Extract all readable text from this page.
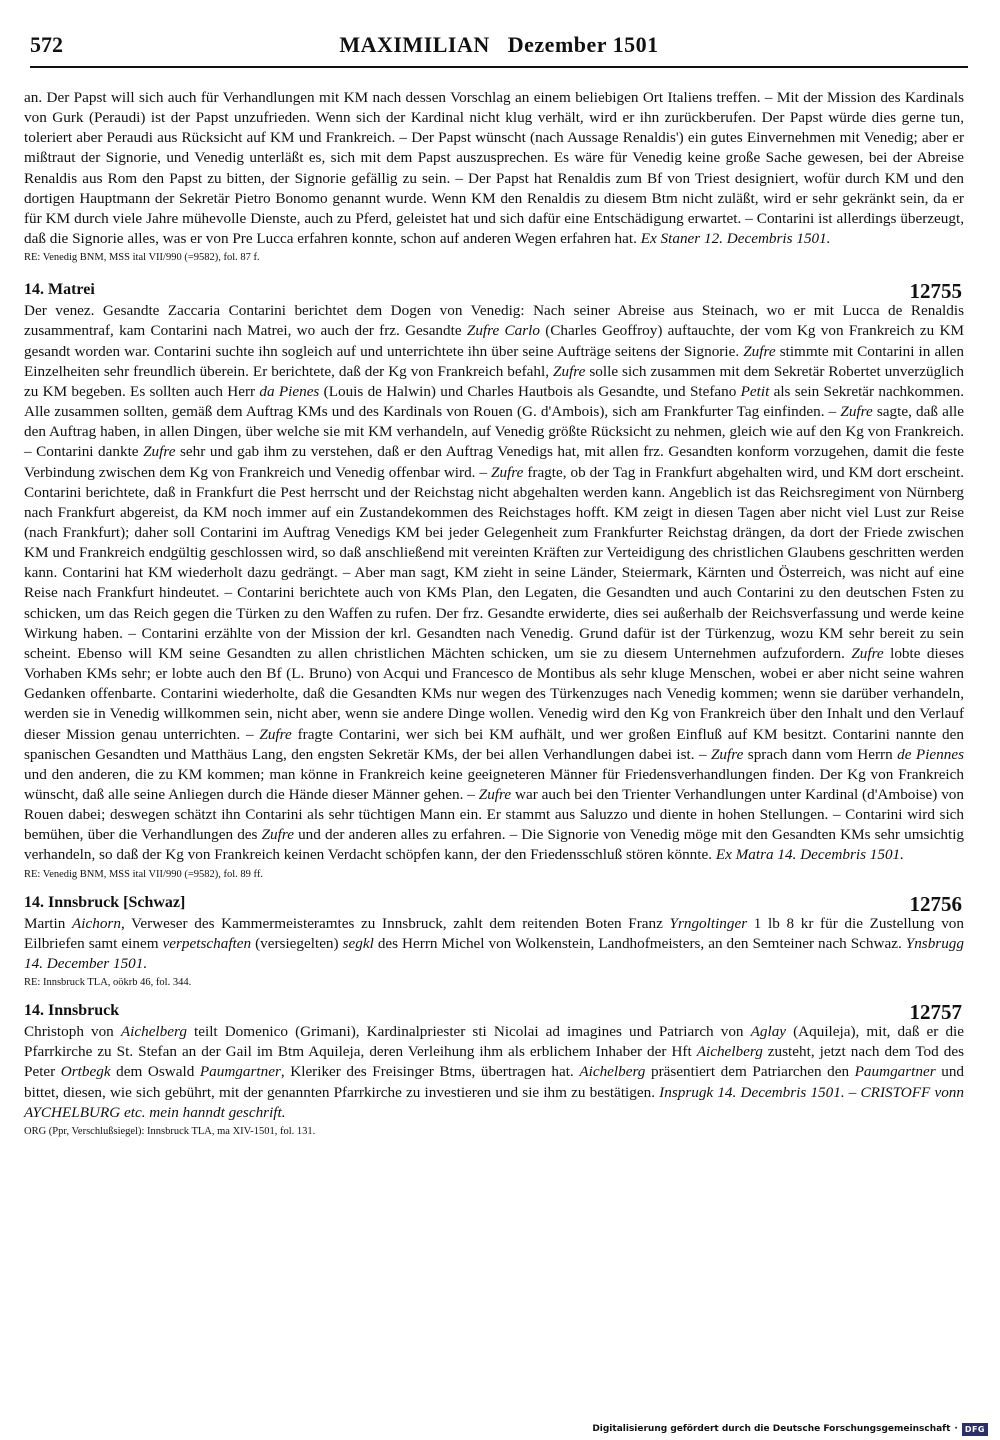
572	MAXIMILIAN   Dezember 1501

an. Der Papst will sich auch für Verhandlungen mit KM nach dessen Vorschlag an einem beliebigen Ort Italiens treffen. – Mit der Mission des Kardinals von Gurk (Peraudi) ist der Papst unzufrieden. Wenn sich der Kardinal nicht klug verhält, wird er ihn zurückberufen. Der Papst würde dies gerne tun, toleriert aber Peraudi aus Rücksicht auf KM und Frankreich. – Der Papst wünscht (nach Aussage Renaldis') ein gutes Einvernehmen mit Venedig; aber er mißtraut der Signorie, und Venedig unterläßt es, sich mit dem Papst auszusprechen. Es wäre für Venedig keine große Sache gewesen, bei der Abreise Renaldis aus Rom den Papst zu bitten, der Signorie gefällig zu sein. – Der Papst hat Renaldis zum Bf von Triest designiert, wofür durch KM und den dortigen Hauptmann der Sekretär Pietro Bonomo genannt wurde. Wenn KM den Renaldis zu diesem Btm nicht zuläßt, wird er sehr gekränkt sein, da er für KM durch viele Jahre mühevolle Dienste, auch zu Pferd, geleistet hat und sich dafür eine Entschädigung erwartet. – Contarini ist allerdings überzeugt, daß die Signorie alles, was er von Pre Lucca erfahren konnte, schon auf anderen Wegen erfahren hat. Ex Staner 12. Decembris 1501.

RE: Venedig BNM, MSS ital VII/990 (=9582), fol. 87 f.
14. Matrei	12755

Der venez. Gesandte Zaccaria Contarini berichtet dem Dogen von Venedig: Nach seiner Abreise aus Steinach, wo er mit Lucca de Renaldis zusammentraf, kam Contarini nach Matrei, wo auch der frz. Gesandte Zufre Carlo (Charles Geoffroy) auftauchte, der vom Kg von Frankreich zu KM gesandt worden war. Contarini suchte ihn sogleich auf und unterrichtete ihn über seine Aufträge seitens der Signorie. Zufre stimmte mit Contarini in allen Einzelheiten sehr freundlich überein. Er berichtete, daß der Kg von Frankreich befahl, Zufre solle sich zusammen mit dem Sekretär Robertet unverzüglich zu KM begeben. Es sollten auch Herr da Pienes (Louis de Halwin) und Charles Hautbois als Gesandte, und Stefano Petit als sein Sekretär nachkommen. Alle zusammen sollten, gemäß dem Auftrag KMs und des Kardinals von Rouen (G. d'Ambois), sich am Frankfurter Tag einfinden. – Zufre sagte, daß alle den Auftrag haben, in allen Dingen, über welche sie mit KM verhandeln, auf Venedig größte Rücksicht zu nehmen, gleich wie auf den Kg von Frankreich. – Contarini dankte Zufre sehr und gab ihm zu verstehen, daß er den Auftrag Venedigs hat, mit allen frz. Gesandten konform vorzugehen, damit die feste Verbindung zwischen dem Kg von Frankreich und Venedig offenbar wird. – Zufre fragte, ob der Tag in Frankfurt abgehalten wird, und KM dort erscheint. Contarini berichtete, daß in Frankfurt die Pest herrscht und der Reichstag nicht abgehalten werden kann. Angeblich ist das Reichsregiment von Nürnberg nach Frankfurt abgereist, da KM noch immer auf ein Zustandekommen des Reichstages hofft. KM zeigt in diesen Tagen aber nicht viel Lust zur Reise (nach Frankfurt); daher soll Contarini im Auftrag Venedigs KM bei jeder Gelegenheit zum Frankfurter Reichstag drängen, da dort der Friede zwischen KM und Frankreich endgültig geschlossen wird, so daß anschließend mit vereinten Kräften zur Verteidigung des christlichen Glaubens geschritten werden kann. Contarini hat KM wiederholt dazu gedrängt. – Aber man sagt, KM zieht in seine Länder, Steiermark, Kärnten und Österreich, was nicht auf eine Reise nach Frankfurt hindeutet. – Contarini berichtete auch von KMs Plan, den Legaten, die Gesandten und auch Contarini zu den deutschen Fsten zu schicken, um das Reich gegen die Türken zu den Waffen zu rufen. Der frz. Gesandte erwiderte, dies sei außerhalb der Reichsverfassung und werde keine Wirkung haben. – Contarini erzählte von der Mission der krl. Gesandten nach Venedig. Grund dafür ist der Türkenzug, wozu KM sehr bereit zu sein scheint. Ebenso will KM seine Gesandten zu allen christlichen Mächten schicken, um sie zu diesem Unternehmen aufzufordern. Zufre lobte dieses Vorhaben KMs sehr; er lobte auch den Bf (L. Bruno) von Acqui und Francesco de Montibus als sehr kluge Menschen, wobei er aber nicht seine wahren Gedanken offenbarte. Contarini wiederholte, daß die Gesandten KMs nur wegen des Türkenzuges nach Venedig kommen; wenn sie darüber verhandeln, werden sie in Venedig willkommen sein, nicht aber, wenn sie andere Dinge wollen. Venedig wird den Kg von Frankreich über den Inhalt und den Verlauf dieser Mission genau unterrichten. – Zufre fragte Contarini, wer sich bei KM aufhält, und wer großen Einfluß auf KM besitzt. Contarini nannte den spanischen Gesandten und Matthäus Lang, den engsten Sekretär KMs, der bei allen Verhandlungen dabei ist. – Zufre sprach dann vom Herrn de Piennes und den anderen, die zu KM kommen; man könne in Frankreich keine geeigneteren Männer für Friedensverhandlungen finden. Der Kg von Frankreich wünscht, daß alle seine Anliegen durch die Hände dieser Männer gehen. – Zufre war auch bei den Trienter Verhandlungen unter Kardinal (d'Amboise) von Rouen dabei; deswegen schätzt ihn Contarini als sehr tüchtigen Mann ein. Er stammt aus Saluzzo und diente in hohen Stellungen. – Contarini wird sich bemühen, über die Verhandlungen des Zufre und der anderen alles zu erfahren. – Die Signorie von Venedig möge mit den Gesandten KMs sehr umsichtig verhandeln, so daß der Kg von Frankreich keinen Verdacht schöpfen kann, der den Friedensschluß stören könnte. Ex Matra 14. Decembris 1501.

RE: Venedig BNM, MSS ital VII/990 (=9582), fol. 89 ff.
14. Innsbruck [Schwaz]	12756

Martin Aichorn, Verweser des Kammermeisteramtes zu Innsbruck, zahlt dem reitenden Boten Franz Yrngoltinger 1 lb 8 kr für die Zustellung von Eilbriefen samt einem verpetschaften (versiegelten) segkl des Herrn Michel von Wolkenstein, Landhofmeisters, an den Semteiner nach Schwaz. Ynsbrugg 14. December 1501.

RE: Innsbruck TLA, oökrb 46, fol. 344.
14. Innsbruck	12757

Christoph von Aichelberg teilt Domenico (Grimani), Kardinalpriester sti Nicolai ad imagines und Patriarch von Aglay (Aquileja), mit, daß er die Pfarrkirche zu St. Stefan an der Gail im Btm Aquileja, deren Verleihung ihm als erblichem Inhaber der Hft Aichelberg zusteht, jetzt nach dem Tod des Peter Ortbegk dem Oswald Paumgartner, Kleriker des Freisinger Btms, übertragen hat. Aichelberg präsentiert dem Patriarchen den Paumgartner und bittet, diesen, wie sich gebührt, mit der genannten Pfarrkirche zu investieren und sie ihm zu bestätigen. Insprugk 14. Decembris 1501. – CRISTOFF vonn AYCHELBURG etc. mein hanndt geschrift.

ORG (Ppr, Verschlußsiegel): Innsbruck TLA, ma XIV-1501, fol. 131.
Digitalisierung gefördert durch die Deutsche Forschungsgemeinschaft · DFG
